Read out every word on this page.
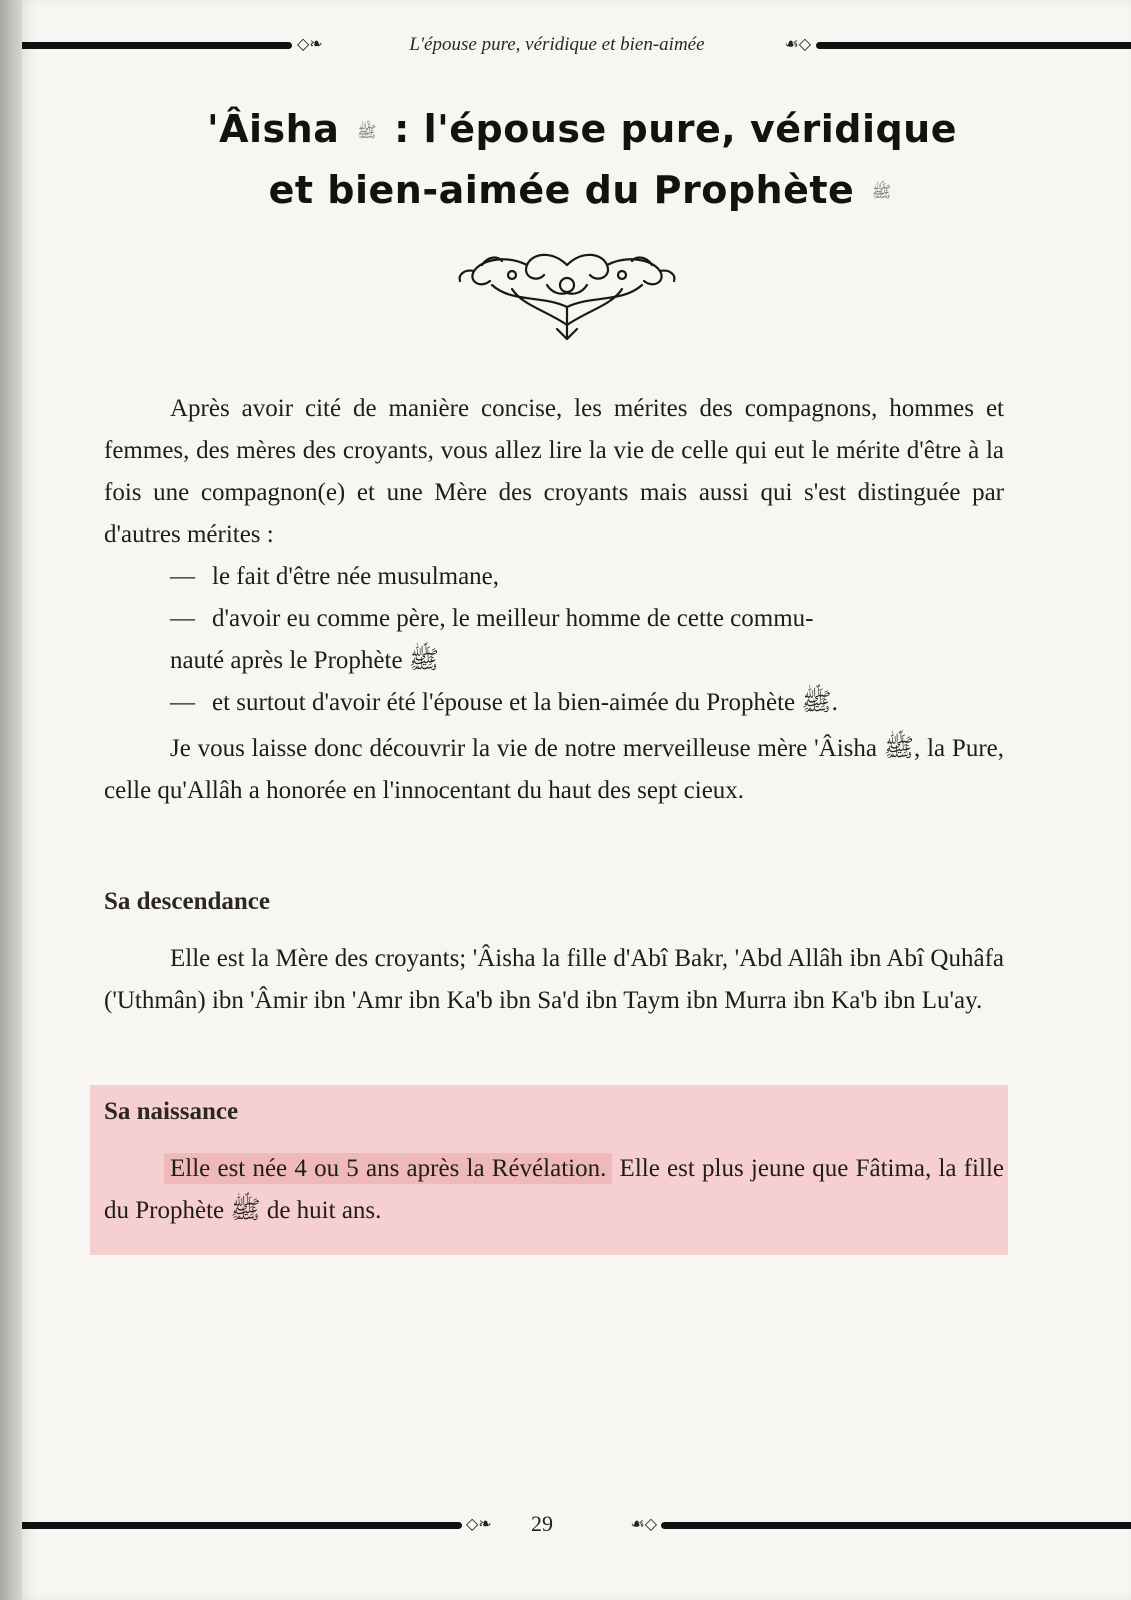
◇❧	☙◇
L'épouse pure, véridique et bien-aimée
'Âisha ﷺ : l'épouse pure, véridique
et bien-aimée du Prophète ﷺ

Après avoir cité de manière concise, les mérites des compagnons, hommes et femmes, des mères des croyants, vous allez lire la vie de celle qui eut le mérite d'être à la fois une compagnon(e) et une Mère des croyants mais aussi qui s'est distinguée par d'autres mérites :

— le fait d'être née musulmane,
— d'avoir eu comme père, le meilleur homme de cette commu-
nauté après le Prophète ﷺ
— et surtout d'avoir été l'épouse et la bien-aimée du Prophète ﷺ.

Je vous laisse donc découvrir la vie de notre merveilleuse mère 'Âisha ﷺ, la Pure, celle qu'Allâh a honorée en l'innocentant du haut des sept cieux.

Sa descendance

Elle est la Mère des croyants; 'Âisha la fille d'Abî Bakr, 'Abd Allâh ibn Abî Quhâfa ('Uthmân) ibn 'Âmir ibn 'Amr ibn Ka'b ibn Sa'd ibn Taym ibn Murra ibn Ka'b ibn Lu'ay.

Sa naissance

Elle est née 4 ou 5 ans après la Révélation. Elle est plus jeune que Fâtima, la fille du Prophète ﷺ de huit ans.

◇❧	☙◇
29
